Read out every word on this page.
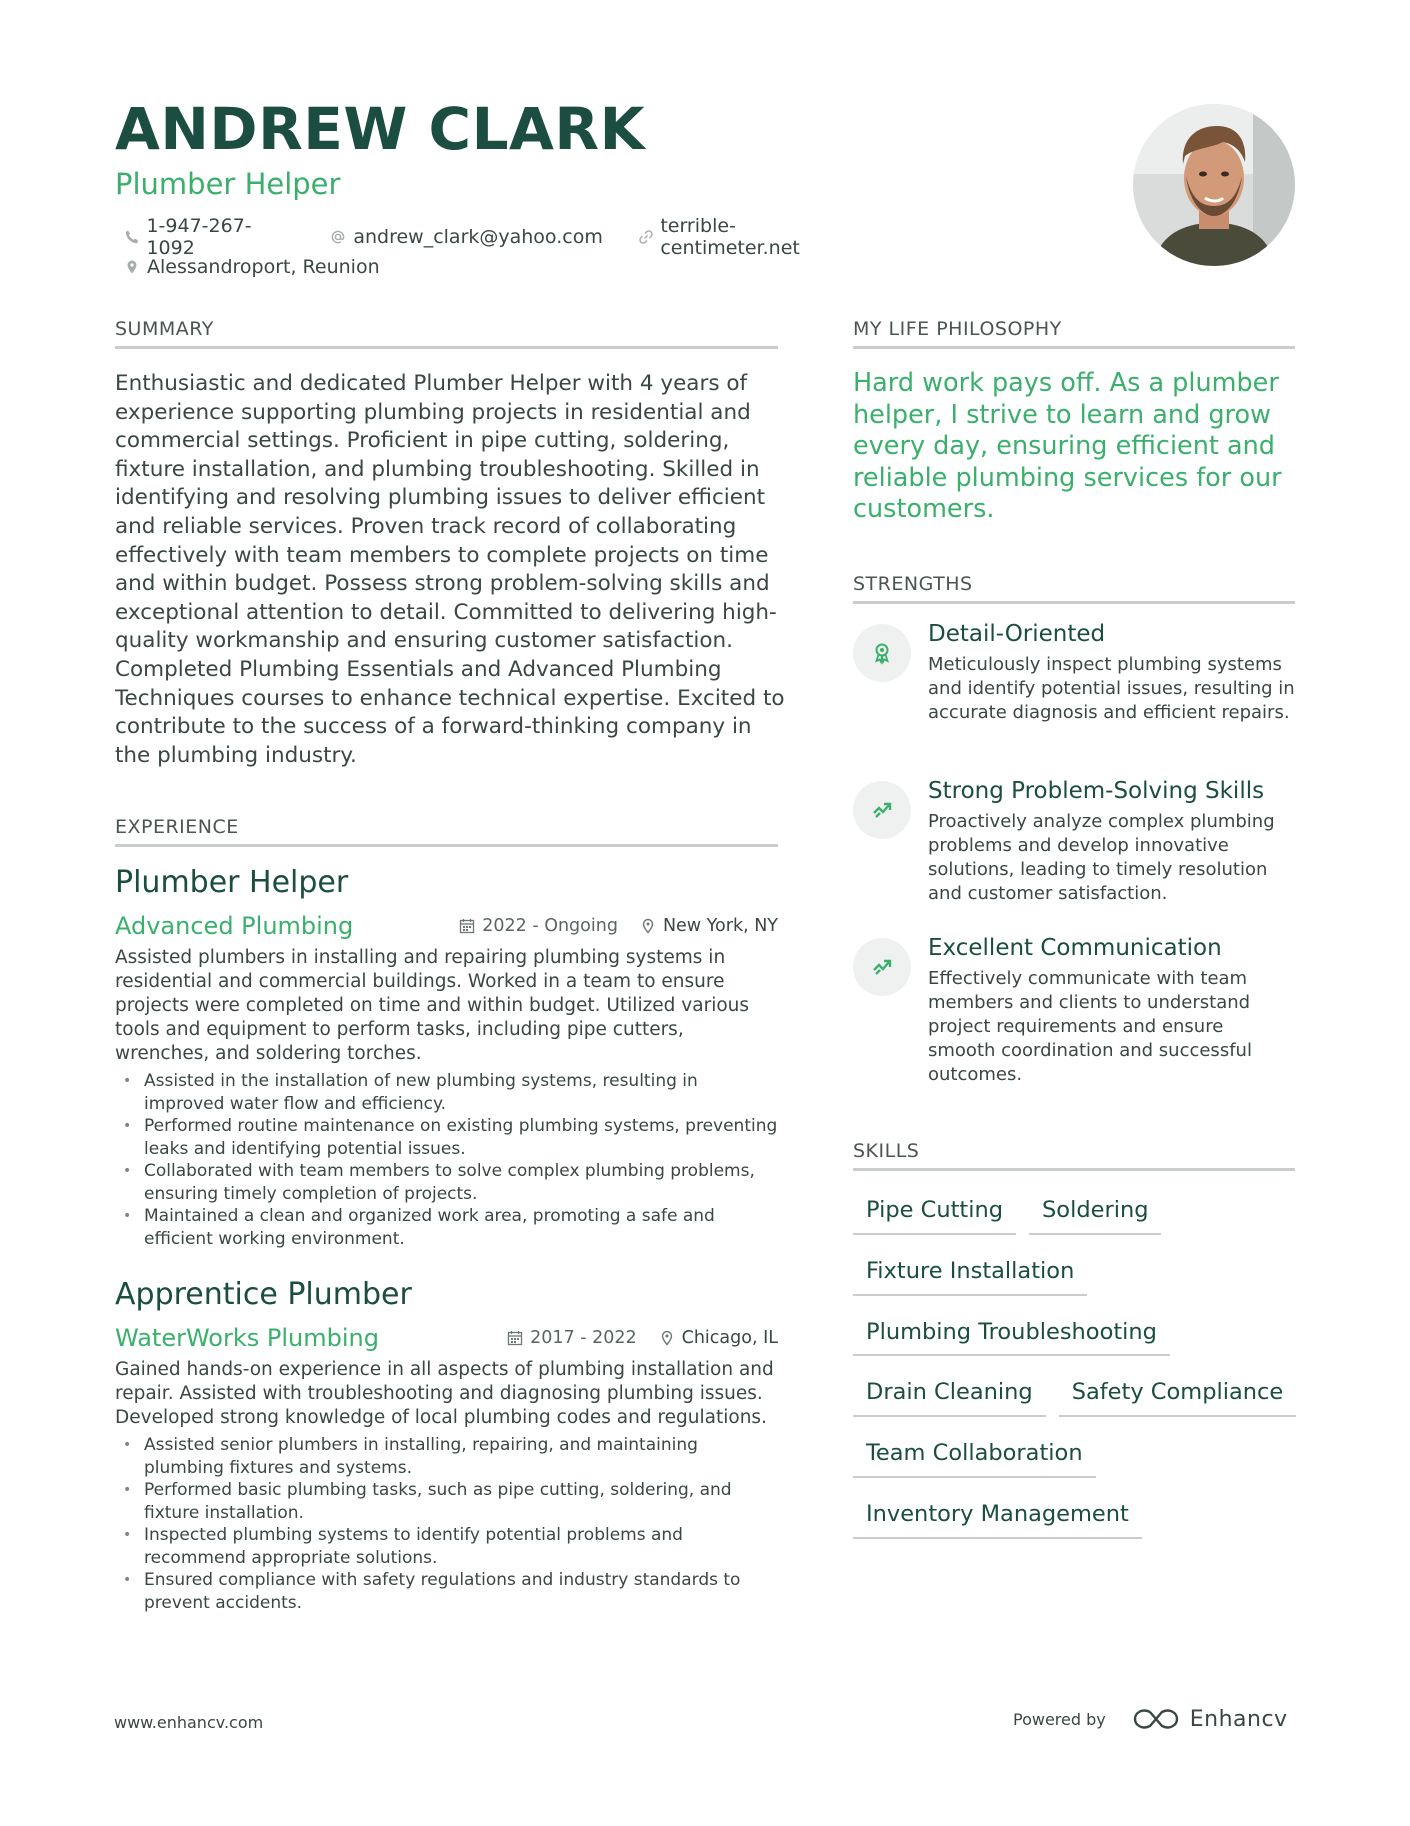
ANDREW CLARK
Plumber Helper
1-947-267-1092	andrew_clark@yahoo.com	terrible-centimeter.net
Alessandroport, Reunion
SUMMARY
Enthusiastic and dedicated Plumber Helper with 4 years of experience supporting plumbing projects in residential and commercial settings. Proficient in pipe cutting, soldering, fixture installation, and plumbing troubleshooting. Skilled in identifying and resolving plumbing issues to deliver efficient and reliable services. Proven track record of collaborating effectively with team members to complete projects on time and within budget. Possess strong problem-solving skills and exceptional attention to detail. Committed to delivering high-quality workmanship and ensuring customer satisfaction. Completed Plumbing Essentials and Advanced Plumbing Techniques courses to enhance technical expertise. Excited to contribute to the success of a forward-thinking company in the plumbing industry.
EXPERIENCE
Plumber Helper
Advanced Plumbing	2022 - Ongoing	New York, NY
Assisted plumbers in installing and repairing plumbing systems in residential and commercial buildings. Worked in a team to ensure projects were completed on time and within budget. Utilized various tools and equipment to perform tasks, including pipe cutters, wrenches, and soldering torches.
• Assisted in the installation of new plumbing systems, resulting in improved water flow and efficiency.
• Performed routine maintenance on existing plumbing systems, preventing leaks and identifying potential issues.
• Collaborated with team members to solve complex plumbing problems, ensuring timely completion of projects.
• Maintained a clean and organized work area, promoting a safe and efficient working environment.
Apprentice Plumber
WaterWorks Plumbing	2017 - 2022	Chicago, IL
Gained hands-on experience in all aspects of plumbing installation and repair. Assisted with troubleshooting and diagnosing plumbing issues. Developed strong knowledge of local plumbing codes and regulations.
• Assisted senior plumbers in installing, repairing, and maintaining plumbing fixtures and systems.
• Performed basic plumbing tasks, such as pipe cutting, soldering, and fixture installation.
• Inspected plumbing systems to identify potential problems and recommend appropriate solutions.
• Ensured compliance with safety regulations and industry standards to prevent accidents.
MY LIFE PHILOSOPHY
Hard work pays off. As a plumber helper, I strive to learn and grow every day, ensuring efficient and reliable plumbing services for our customers.
STRENGTHS
Detail-Oriented
Meticulously inspect plumbing systems and identify potential issues, resulting in accurate diagnosis and efficient repairs.
Strong Problem-Solving Skills
Proactively analyze complex plumbing problems and develop innovative solutions, leading to timely resolution and customer satisfaction.
Excellent Communication
Effectively communicate with team members and clients to understand project requirements and ensure smooth coordination and successful outcomes.
SKILLS
Pipe Cutting	Soldering
Fixture Installation
Plumbing Troubleshooting
Drain Cleaning	Safety Compliance
Team Collaboration
Inventory Management
www.enhancv.com	Powered by	Enhancv
